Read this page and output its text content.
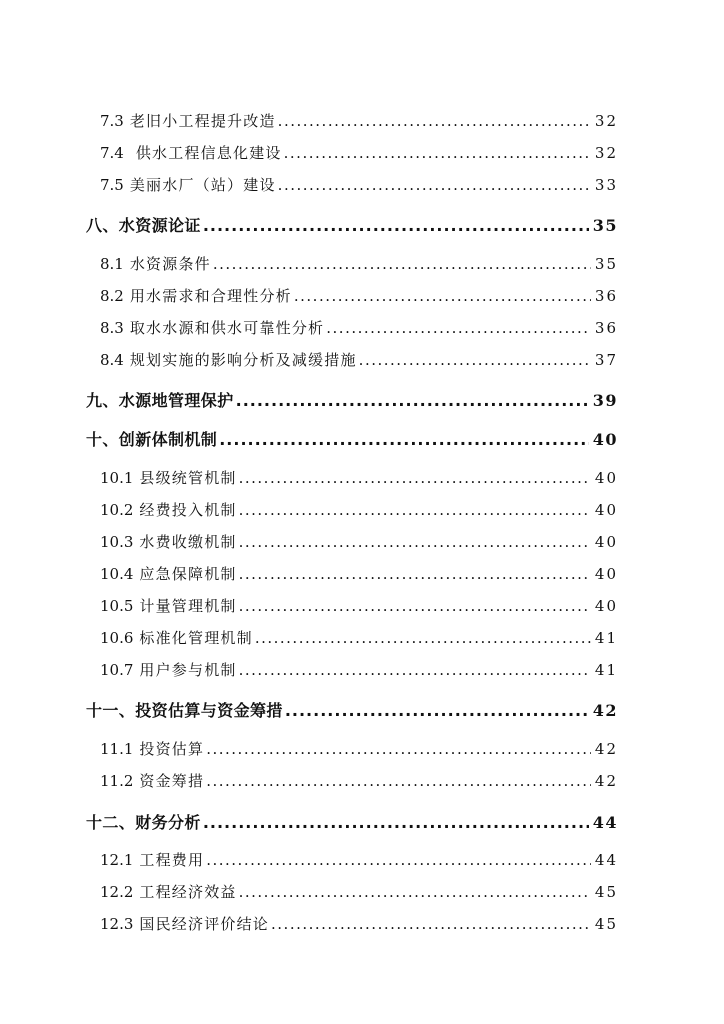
7.3 老旧小工程提升改造 .....	32
7.4 供水工程信息化建设 .....	32
7.5 美丽水厂（站）建设 .....	33
八、水资源论证 .....	35
8.1 水资源条件 .....	35
8.2 用水需求和合理性分析 .....	36
8.3 取水水源和供水可靠性分析 .....	36
8.4 规划实施的影响分析及减缓措施 .....	37
九、水源地管理保护 .....	39
十、创新体制机制 .....	40
10.1 县级统管机制 .....	40
10.2 经费投入机制 .....	40
10.3 水费收缴机制 .....	40
10.4 应急保障机制 .....	40
10.5 计量管理机制 .....	40
10.6 标准化管理机制 .....	41
10.7 用户参与机制 .....	41
十一、投资估算与资金筹措 .....	42
11.1 投资估算 .....	42
11.2 资金筹措 .....	42
十二、财务分析 .....	44
12.1 工程费用 .....	44
12.2 工程经济效益 .....	45
12.3 国民经济评价结论 .....	45
